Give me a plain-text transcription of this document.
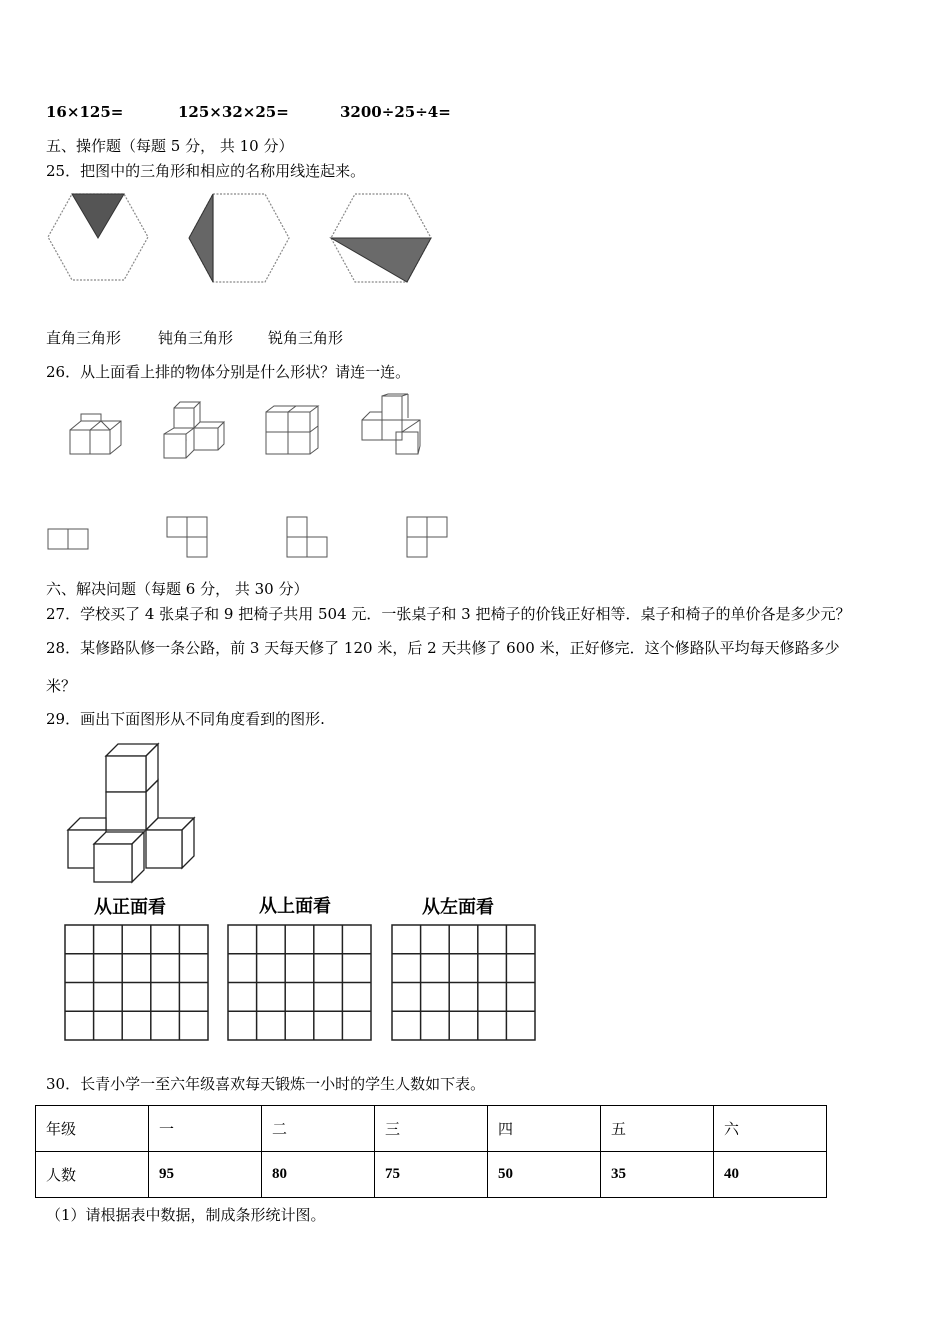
16×125=	125×32×25=	3200÷25÷4=
五、操作题（每题 5 分， 共 10 分）
25．把图中的三角形和相应的名称用线连起来。
直角三角形 钝角三角形 锐角三角形
26．从上面看上排的物体分别是什么形状？请连一连。
六、解决问题（每题 6 分， 共 30 分）
27．学校买了 4 张桌子和 9 把椅子共用 504 元．一张桌子和 3 把椅子的价钱正好相等．桌子和椅子的单价各是多少元？
28．某修路队修一条公路，前 3 天每天修了 120 米，后 2 天共修了 600 米，正好修完．这个修路队平均每天修路多少
米？
29．画出下面图形从不同角度看到的图形.
从正面看	从上面看	从左面看
30．长青小学一至六年级喜欢每天锻炼一小时的学生人数如下表。
年级	一	二	三	四	五	六
人数	95	80	75	50	35	40
（1）请根据表中数据，制成条形统计图。
